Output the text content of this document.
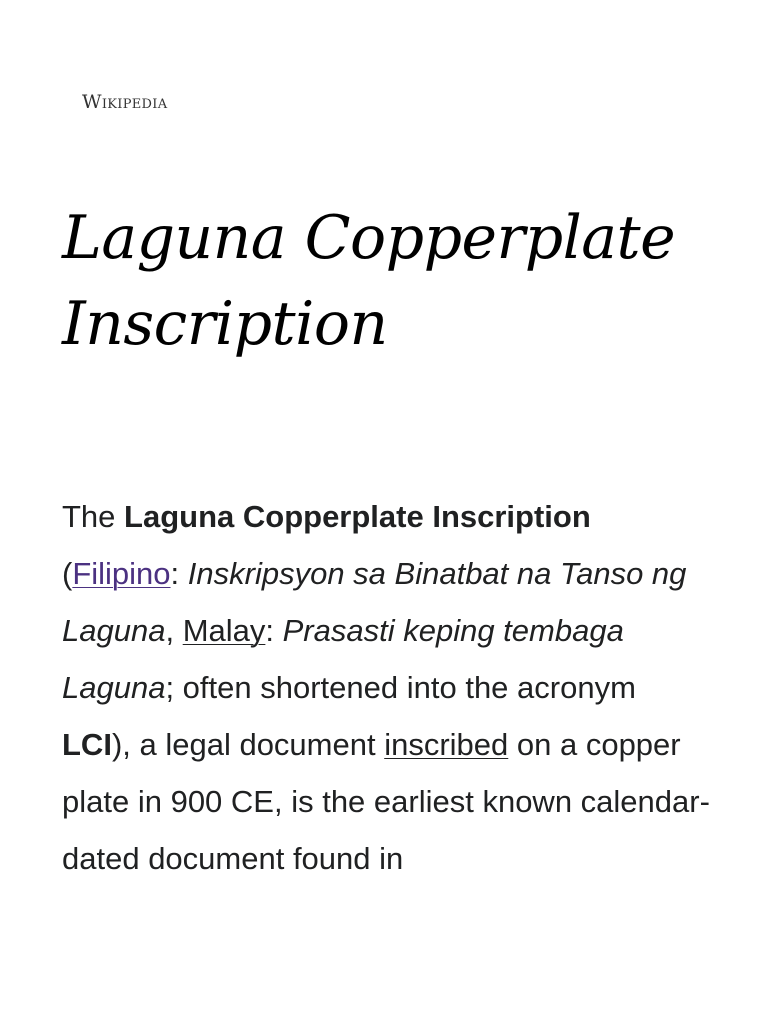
Wikipedia
Laguna Copperplate
Inscription

The Laguna Copperplate Inscription (Filipino: Inskripsyon sa Binatbat na Tanso ng Laguna, Malay: Prasasti keping tembaga Laguna; often shortened into the acronym LCI), a legal document inscribed on a copper plate in 900 CE, is the earliest known calendar-dated document found in
